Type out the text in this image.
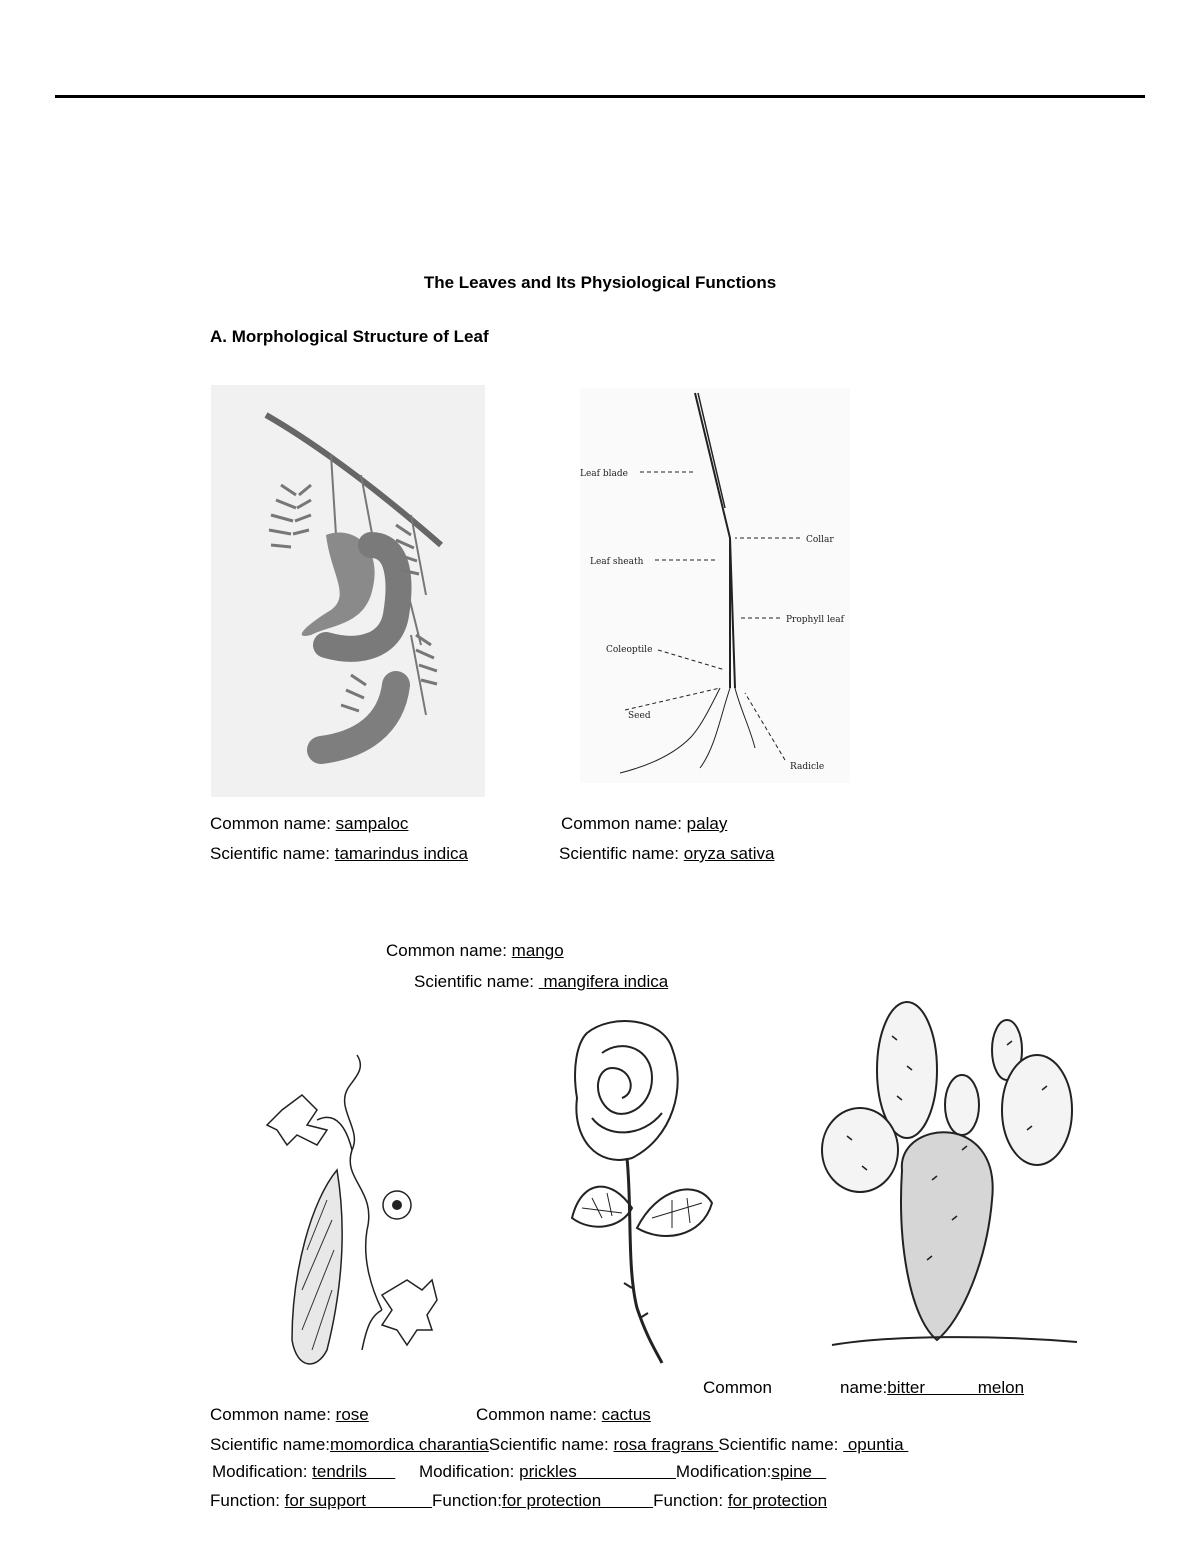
The Leaves and Its Physiological Functions
A. Morphological Structure of Leaf
Leaf blade
Collar
Leaf sheath
Prophyll leaf
Coleoptile
Seed
Radicle
Common name: sampaloc
Scientific name: tamarindus indica
Common name: palay
Scientific name: oryza sativa
Common name: mango
Scientific name:  mangifera indica
Common	name:bitter melon
Common name: rose	Common name: cactus
Scientific name:momordica charantiaScientific name: rosa fragrans Scientific name:  opuntia
Modification: tendrils           Modification: prickles                     Modification:spine
Function: for support              Function:for protection           Function: for protection
